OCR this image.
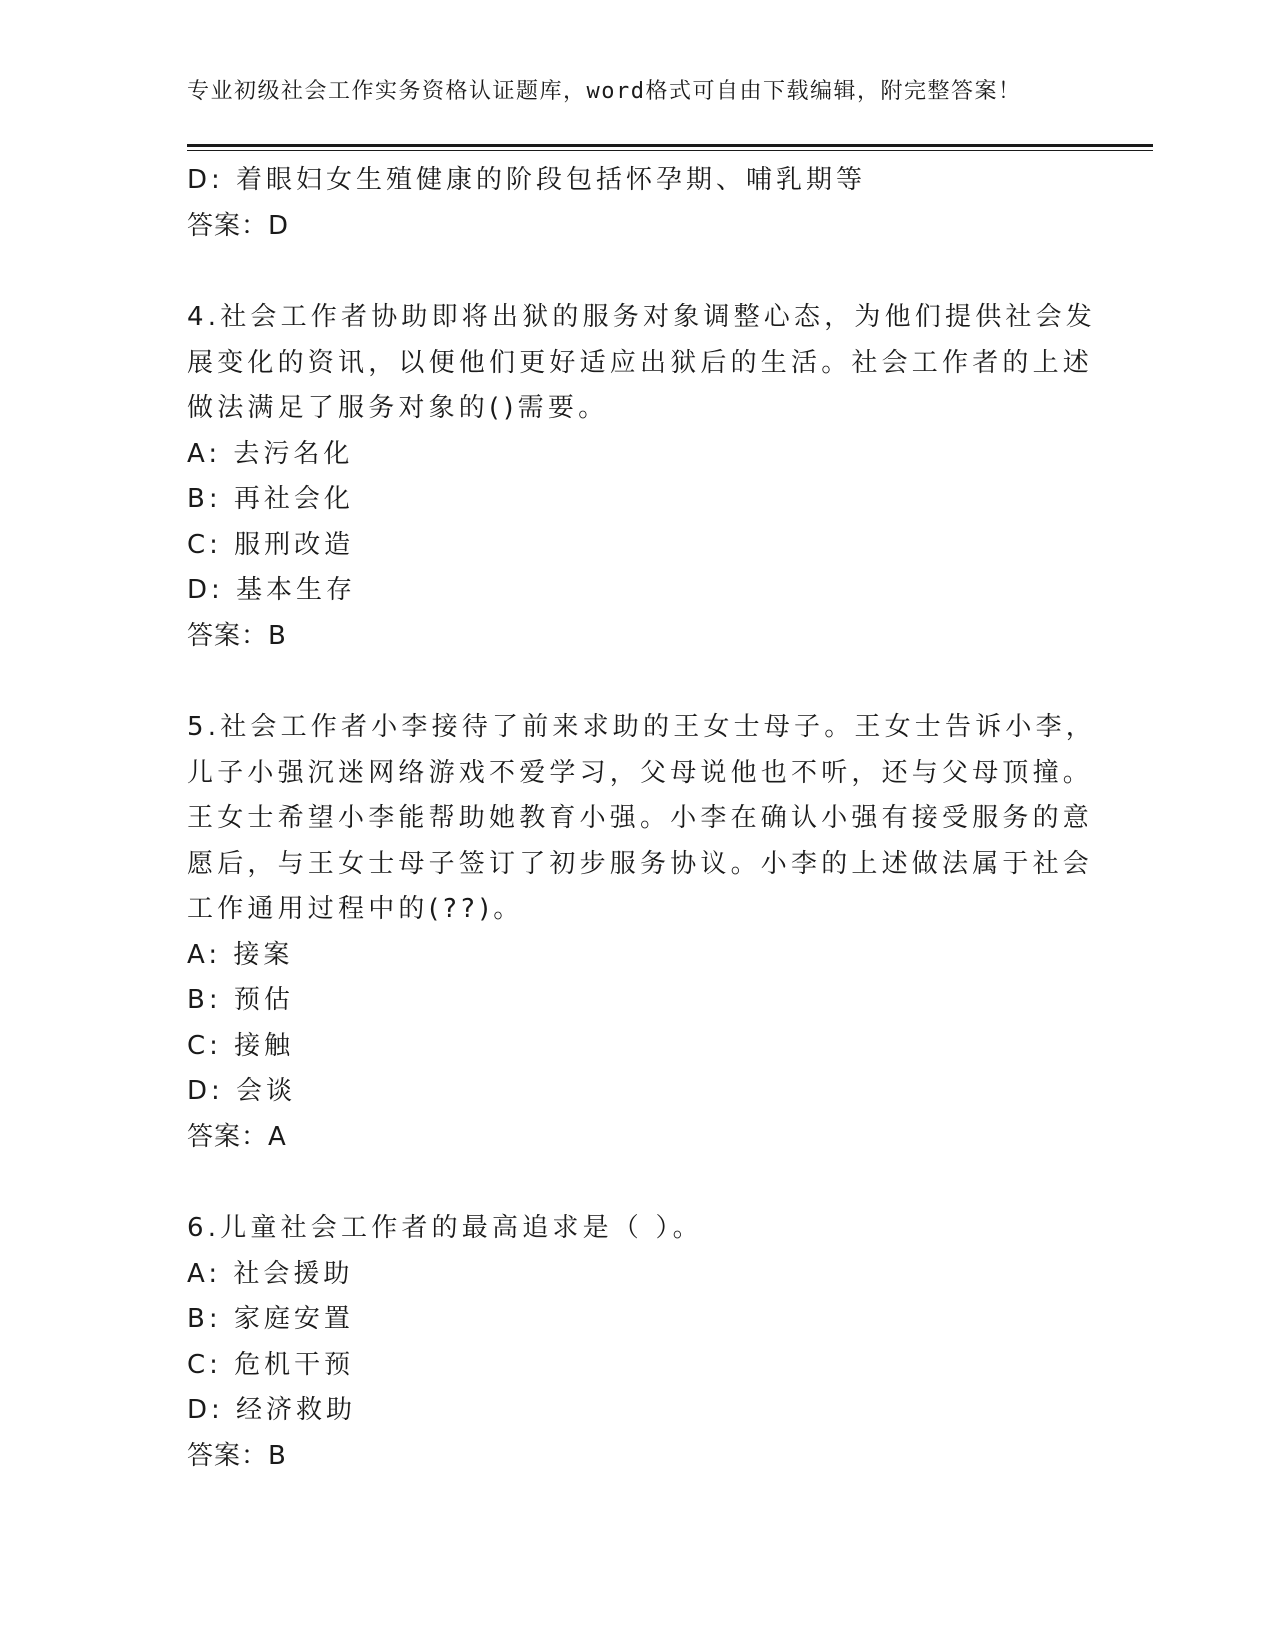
专业初级社会工作实务资格认证题库，word格式可自由下载编辑，附完整答案！
D: 着眼妇女生殖健康的阶段包括怀孕期、哺乳期等
答案：D
4.社会工作者协助即将出狱的服务对象调整心态，为他们提供社会发
展变化的资讯，以便他们更好适应出狱后的生活。社会工作者的上述
做法满足了服务对象的()需要。
A: 去污名化
B: 再社会化
C: 服刑改造
D: 基本生存
答案：B
5.社会工作者小李接待了前来求助的王女士母子。王女士告诉小李，
儿子小强沉迷网络游戏不爱学习，父母说他也不听，还与父母顶撞。
王女士希望小李能帮助她教育小强。小李在确认小强有接受服务的意
愿后，与王女士母子签订了初步服务协议。小李的上述做法属于社会
工作通用过程中的(??)。
A: 接案
B: 预估
C: 接触
D: 会谈
答案：A
6.儿童社会工作者的最高追求是（ ）。
A: 社会援助
B: 家庭安置
C: 危机干预
D: 经济救助
答案：B
